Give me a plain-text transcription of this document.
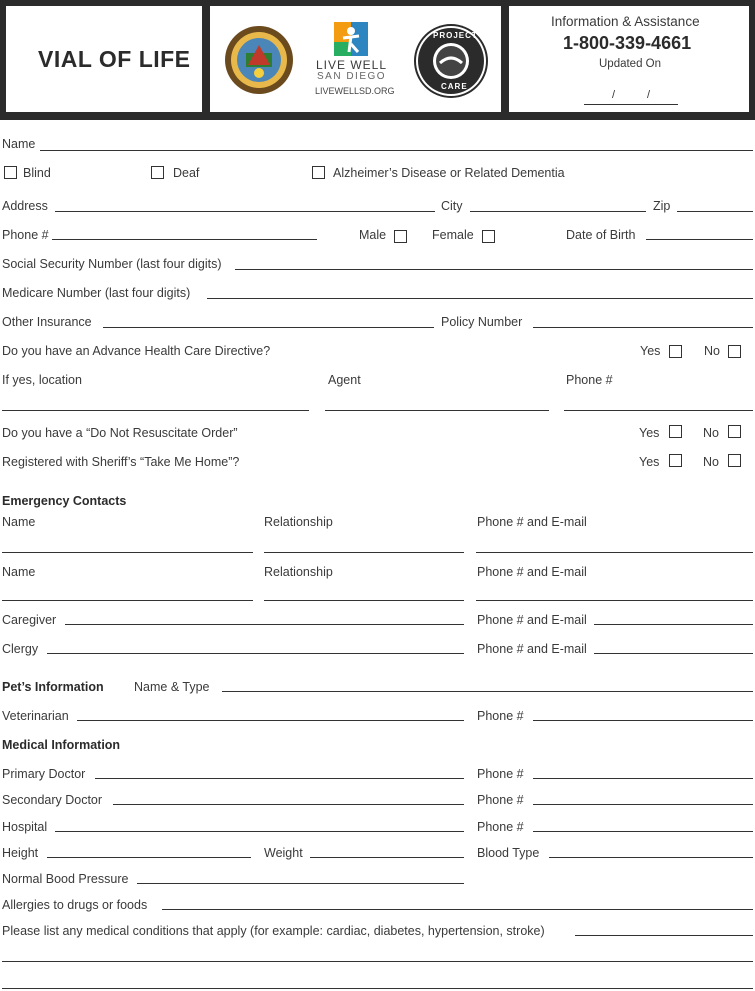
VIAL OF LIFE	LIVE WELL
SAN DIEGO
LIVEWELLSD.ORG
PROJECT
CARE
Information & Assistance
1-800-339-4661
Updated On
/	/
Name
Blind	Deaf	Alzheimer’s Disease or Related Dementia
Address	City	Zip
Phone #	Male	Female	Date of Birth
Social Security Number (last four digits)
Medicare Number (last four digits)
Other Insurance	Policy Number
Do you have an Advance Health Care Directive?	Yes	No
If yes, location	Agent	Phone #
Do you have a “Do Not Resuscitate Order”	Yes	No
Registered with Sheriff’s “Take Me Home”?	Yes	No
Emergency Contacts
Name	Relationship	Phone # and E-mail
Name	Relationship	Phone # and E-mail
Caregiver	Phone # and E-mail
Clergy	Phone # and E-mail
Pet’s Information Name & Type
Veterinarian	Phone #
Medical Information
Primary Doctor	Phone #
Secondary Doctor	Phone #
Hospital	Phone #
Height	Weight	Blood Type
Normal Bood Pressure
Allergies to drugs or foods
Please list any medical conditions that apply (for example: cardiac, diabetes, hypertension, stroke)
